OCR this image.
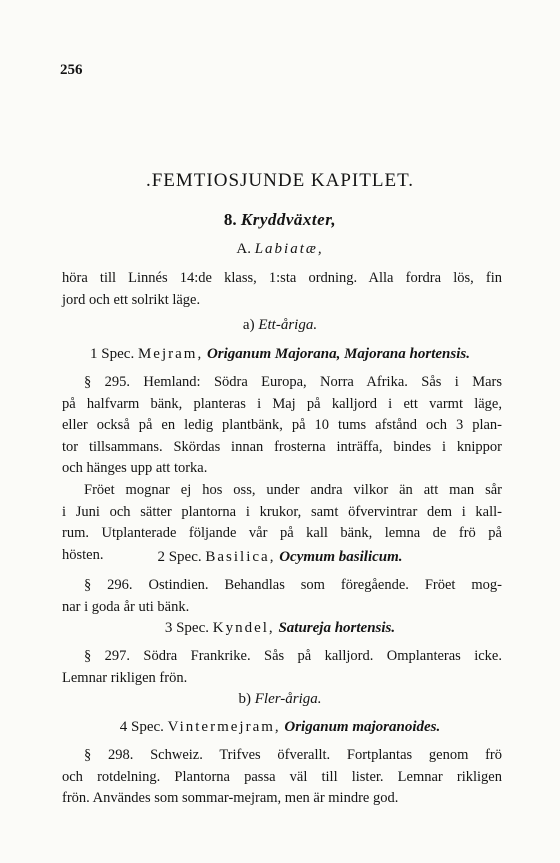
256
.FEMTIOSJUNDE KAPITLET.
8. Kryddväxter,
A. Labiatæ,
höra till Linnés 14:de klass, 1:sta ordning. Alla fordra lös, fin
jord och ett solrikt läge.
a) Ett-åriga.
1 Spec. Mejram, Origanum Majorana, Majorana hortensis.
§ 295. Hemland: Södra Europa, Norra Afrika. Sås i Mars
på halfvarm bänk, planteras i Maj på kalljord i ett varmt läge,
eller också på en ledig plantbänk, på 10 tums afstånd och 3 plan-
tor tillsammans. Skördas innan frosterna inträffa, bindes i knippor
och hänges upp att torka.
Fröet mognar ej hos oss, under andra vilkor än att man sår
i Juni och sätter plantorna i krukor, samt öfvervintrar dem i kall-
rum. Utplanterade följande vår på kall bänk, lemna de frö på
hösten.	2 Spec. Basilica, Ocymum basilicum.
§ 296. Ostindien. Behandlas som föregående. Fröet mog-
nar i goda år uti bänk.
3 Spec. Kyndel, Satureja hortensis.
§ 297. Södra Frankrike. Sås på kalljord. Omplanteras icke.
Lemnar rikligen frön.
b) Fler-åriga.
4 Spec. Vintermejram, Origanum majoranoides.
§ 298. Schweiz. Trifves öfverallt. Fortplantas genom frö
och rotdelning. Plantorna passa väl till lister. Lemnar rikligen
frön. Användes som sommar-mejram, men är mindre god.
